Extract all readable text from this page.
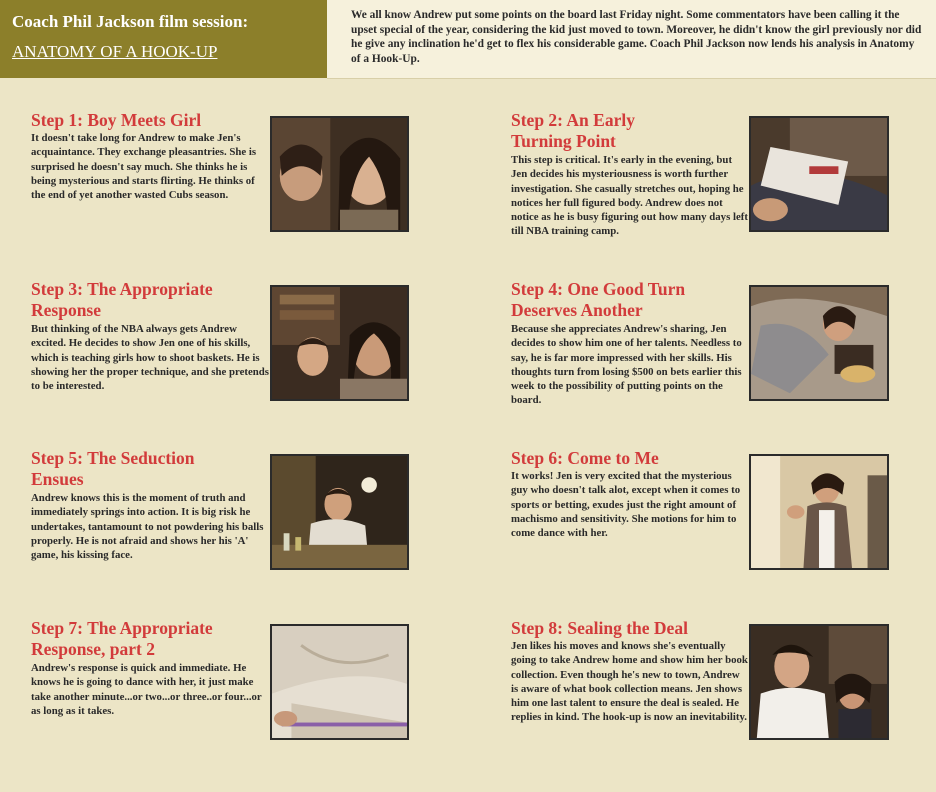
Coach Phil Jackson film session:
ANATOMY OF A HOOK-UP
We all know Andrew put some points on the board last Friday night. Some commentators have been calling it the upset special of the year, considering the kid just moved to town. Moreover, he didn't know the girl previously nor did he give any inclination he'd get to flex his considerable game. Coach Phil Jackson now lends his analysis in Anatomy of a Hook-Up.
Step 1: Boy Meets Girl
It doesn't take long for Andrew to make Jen's acquaintance. They exchange pleasantries. She is surprised he doesn't say much. She thinks he is being mysterious and starts flirting. He thinks of the end of yet another wasted Cubs season.
Step 2: An Early
Turning Point
This step is critical. It's early in the evening, but Jen decides his mysteriousness is worth further investigation. She casually stretches out, hoping he notices her full figured body. Andrew does not notice as he is busy figuring out how many days left till NBA training camp.
Step 3: The Appropriate
Response
But thinking of the NBA always gets Andrew excited. He decides to show Jen one of his skills, which is teaching girls how to shoot baskets. He is showing her the proper technique, and she pretends to be interested.
Step 4: One Good Turn
Deserves Another
Because she appreciates Andrew's sharing, Jen decides to show him one of her talents. Needless to say, he is far more impressed with her skills. His thoughts turn from losing $500 on bets earlier this week to the possibility of putting points on the board.
Step 5: The Seduction
Ensues
Andrew knows this is the moment of truth and immediately springs into action. It is big risk he undertakes, tantamount to not powdering his balls properly. He is not afraid and shows her his 'A' game, his kissing face.
Step 6: Come to Me
It works! Jen is very excited that the mysterious guy who doesn't talk alot, except when it comes to sports or betting, exudes just the right amount of machismo and sensitivity. She motions for him to come dance with her.
Step 7: The Appropriate
Response, part 2
Andrew's response is quick and immediate. He knows he is going to dance with her, it just make take another minute...or two...or three..or four...or as long as it takes.
Step 8: Sealing the Deal
Jen likes his moves and knows she's eventually going to take Andrew home and show him her book collection. Even though he's new to town, Andrew is aware of what book collection means. Jen shows him one last talent to ensure the deal is sealed. He replies in kind. The hook-up is now an inevitability.
